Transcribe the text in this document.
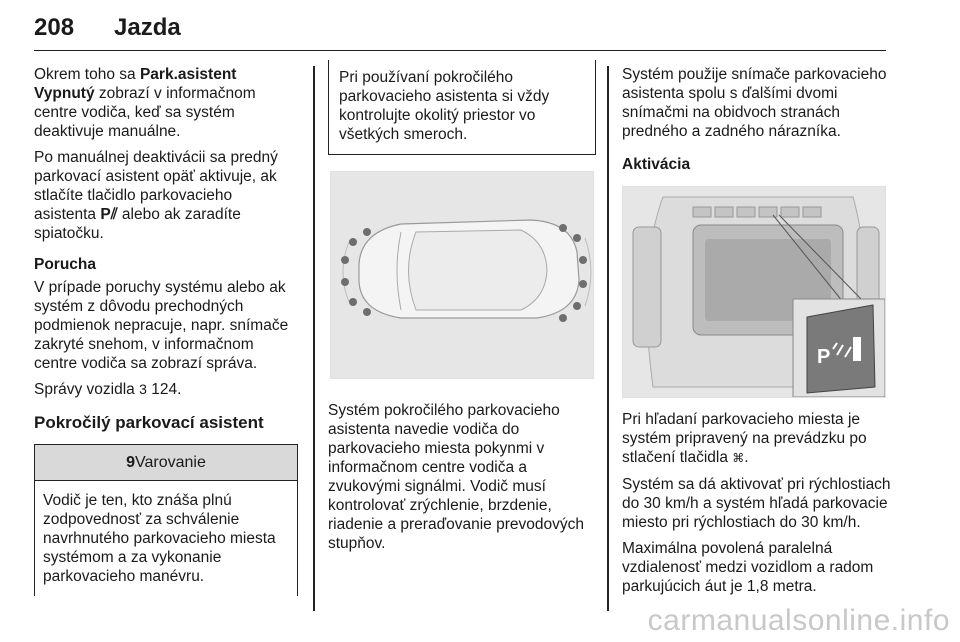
208 Jazda

Okrem toho sa Park.asistent Vypnutý zobrazí v informačnom centre vodiča, keď sa systém deaktivuje manuálne.

Po manuálnej deaktivácii sa predný parkovací asistent opäť aktivuje, ak stlačíte tlačidlo parkovacieho asistenta P⫽ alebo ak zaradíte spiatočku.

Porucha

V prípade poruchy systému alebo ak systém z dôvodu prechodných podmienok nepracuje, napr. snímače zakryté snehom, v informačnom centre vodiča sa zobrazí správa.

Správy vozidla 3 124.

Pokročilý parkovací asistent

9Varovanie
Vodič je ten, kto znáša plnú zodpovednosť za schválenie navrhnutého parkovacieho miesta systémom a za vykonanie parkovacieho manévru.
Pri používaní pokročilého parkovacieho asistenta si vždy kontrolujte okolitý priestor vo všetkých smeroch.
Systém pokročilého parkovacieho asistenta navedie vodiča do parkovacieho miesta pokynmi v informačnom centre vodiča a zvukovými signálmi. Vodič musí kontrolovať zrýchlenie, brzdenie, riadenie a preraďovanie prevodových stupňov.

Systém použije snímače parkovacieho asistenta spolu s ďalšími dvomi snímačmi na obidvoch stranách predného a zadného nárazníka.

Aktivácia

P

Pri hľadaní parkovacieho miesta je systém pripravený na prevádzku po stlačení tlačidla ⌘.

Systém sa dá aktivovať pri rýchlostiach do 30 km/h a systém hľadá parkovacie miesto pri rýchlostiach do 30 km/h.

Maximálna povolená paralelná vzdialenosť medzi vozidlom a radom parkujúcich áut je 1,8 metra.

carmanualsonline.info
